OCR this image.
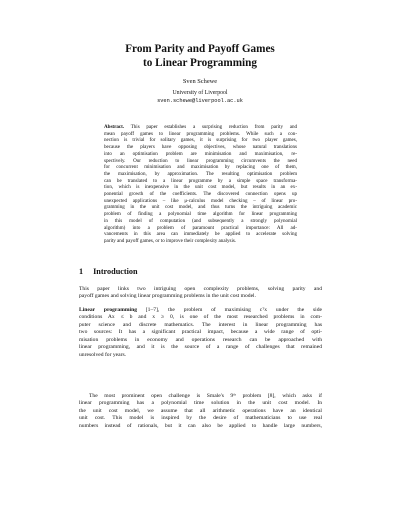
From Parity and Payoff Games
to Linear Programming
Sven Schewe
University of Liverpool
sven.schewe@liverpool.ac.uk
Abstract. This paper establishes a surprising reduction from parity and
mean payoff games to linear programming problems. While such a con-
nection is trivial for solitary games, it is surprising for two player games,
because the players have opposing objectives, whose natural translations
into an optimisation problem are minimisation and maximisation, re-
spectively. Our reduction to linear programming circumvents the need
for concurrent minimisation and maximisation by replacing one of them,
the maximisation, by approximation. The resulting optimisation problem
can be translated to a linear programme by a simple space transforma-
tion, which is inexpensive in the unit cost model, but results in an ex-
ponential growth of the coefficients. The discovered connection opens up
unexpected applications – like μ-calculus model checking – of linear pro-
gramming in the unit cost model, and thus turns the intriguing academic
problem of finding a polynomial time algorithm for linear programming
in this model of computation (and subsequently a strongly polynomial
algorithm) into a problem of paramount practical importance: All ad-
vancements in this area can immediately be applied to accelerate solving
parity and payoff games, or to improve their complexity analysis.
1 Introduction
This paper links two intriguing open complexity problems, solving parity and
payoff games and solving linear programming problems in the unit cost model.
Linear programming [1–7], the problem of maximising cᵀx under the side
conditions Ax ≤ b and x ≥ 0, is one of the most researched problems in com-
puter science and discrete mathematics. The interest in linear programming has
two sources: It has a significant practical impact, because a wide range of opti-
misation problems in economy and operations research can be approached with
linear programming, and it is the source of a range of challenges that remained
unresolved for years.
The most prominent open challenge is Smale's 9ᵗʰ problem [8], which asks if
linear programming has a polynomial time solution in the unit cost model. In
the unit cost model, we assume that all arithmetic operations have an identical
unit cost. This model is inspired by the desire of mathematicians to use real
numbers instead of rationals, but it can also be applied to handle large numbers,
